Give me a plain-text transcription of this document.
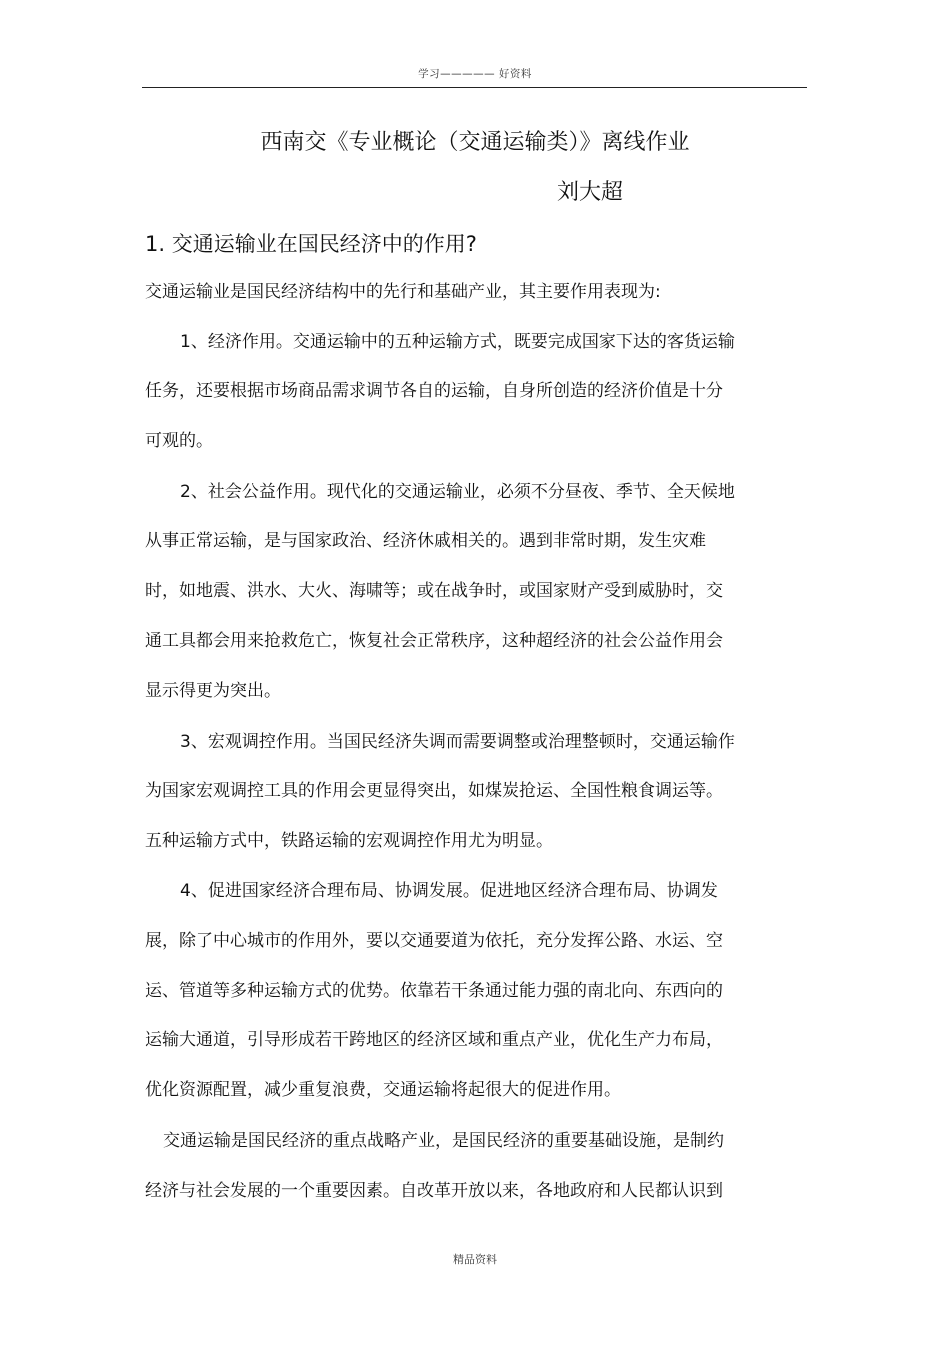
学习————— 好资料
西南交《专业概论（交通运输类）》离线作业
刘大超
1. 交通运输业在国民经济中的作用?
交通运输业是国民经济结构中的先行和基础产业，其主要作用表现为:
1、经济作用。交通运输中的五种运输方式，既要完成国家下达的客货运输
任务，还要根据市场商品需求调节各自的运输，自身所创造的经济价值是十分
可观的。
2、社会公益作用。现代化的交通运输业，必须不分昼夜、季节、全天候地
从事正常运输，是与国家政治、经济休戚相关的。遇到非常时期，发生灾难
时，如地震、洪水、大火、海啸等；或在战争时，或国家财产受到威胁时，交
通工具都会用来抢救危亡，恢复社会正常秩序，这种超经济的社会公益作用会
显示得更为突出。
3、宏观调控作用。当国民经济失调而需要调整或治理整顿时，交通运输作
为国家宏观调控工具的作用会更显得突出，如煤炭抢运、全国性粮食调运等。
五种运输方式中，铁路运输的宏观调控作用尤为明显。
4、促进国家经济合理布局、协调发展。促进地区经济合理布局、协调发
展，除了中心城市的作用外，要以交通要道为依托，充分发挥公路、水运、空
运、管道等多种运输方式的优势。依靠若干条通过能力强的南北向、东西向的
运输大通道，引导形成若干跨地区的经济区域和重点产业，优化生产力布局，
优化资源配置，减少重复浪费，交通运输将起很大的促进作用。
交通运输是国民经济的重点战略产业，是国民经济的重要基础设施，是制约
经济与社会发展的一个重要因素。自改革开放以来，各地政府和人民都认识到
精品资料
